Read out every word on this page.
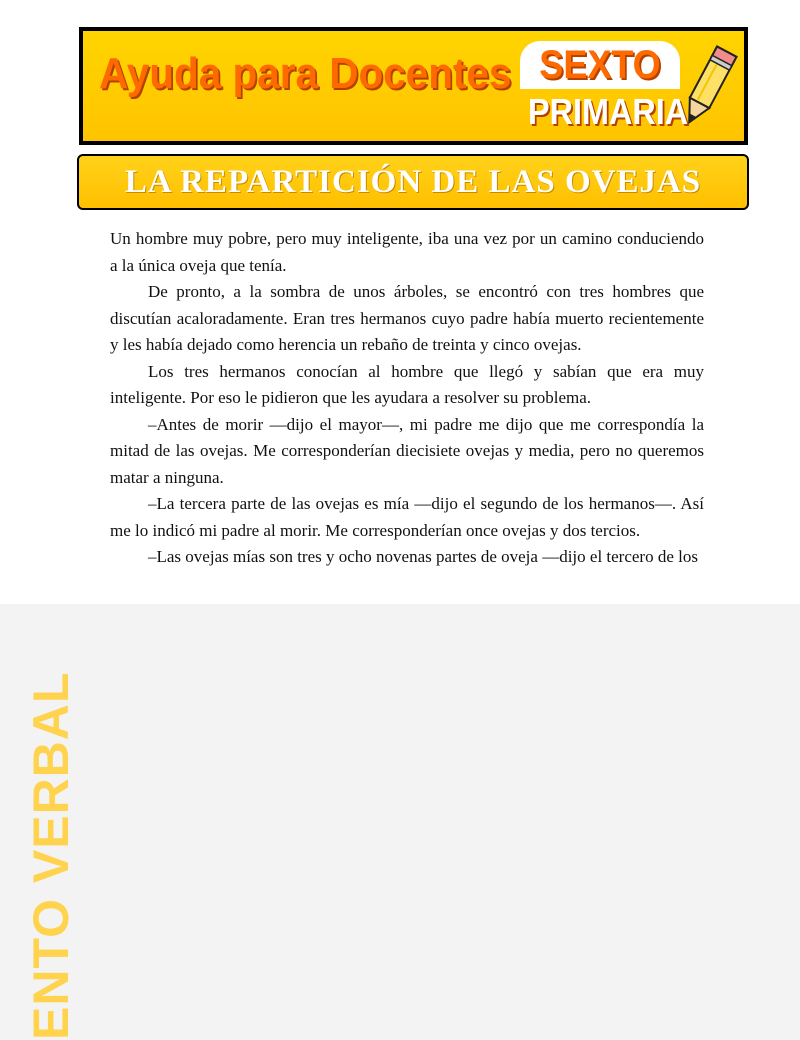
Ayuda para Docentes SEXTO
PRIMARIA
LA REPARTICIÓN DE LAS OVEJAS
ENTO VERBAL

Un hombre muy pobre, pero muy inteligente, iba una vez por un camino conduciendo a la única oveja que tenía.

De pronto, a la sombra de unos árboles, se encontró con tres hombres que discutían acaloradamente. Eran tres hermanos cuyo padre había muerto recientemente y les había dejado como herencia un rebaño de treinta y cinco ovejas.

Los tres hermanos conocían al hombre que llegó y sabían que era muy inteligente. Por eso le pidieron que les ayudara a resolver su problema.

–Antes de morir —dijo el mayor—, mi padre me dijo que me correspondía la mitad de las ovejas. Me corresponderían diecisiete ovejas y media, pero no queremos matar a ninguna.

–La tercera parte de las ovejas es mía —dijo el segundo de los hermanos—. Así me lo indicó mi padre al morir. Me corresponderían once ovejas y dos tercios.

–Las ovejas mías son tres y ocho novenas partes de oveja —dijo el tercero de los
